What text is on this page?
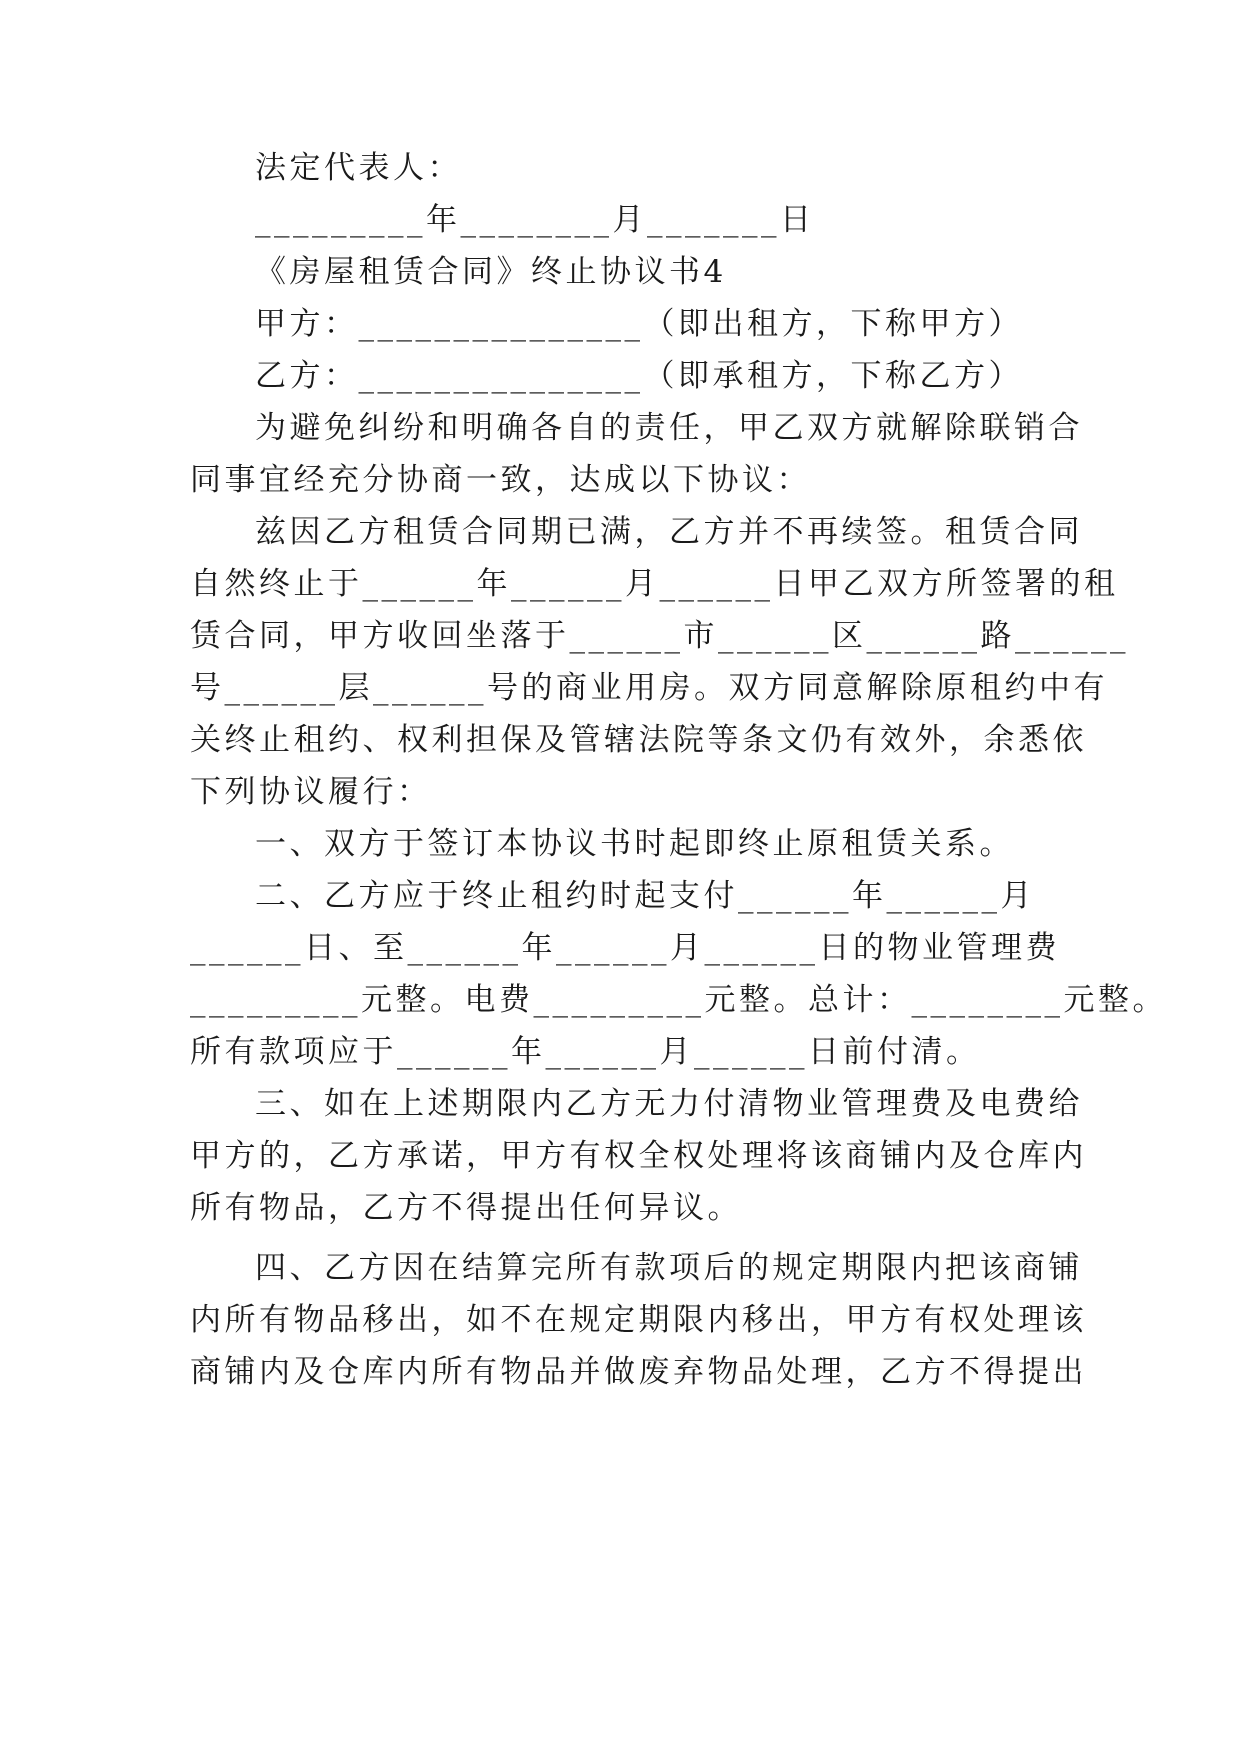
法定代表人：
_________年________月_______日
《房屋租赁合同》终止协议书4
甲方：_______________（即出租方，下称甲方）
乙方：_______________（即承租方，下称乙方）
为避免纠纷和明确各自的责任，甲乙双方就解除联销合
同事宜经充分协商一致，达成以下协议：
兹因乙方租赁合同期已满，乙方并不再续签。租赁合同
自然终止于______年______月______日甲乙双方所签署的租
赁合同，甲方收回坐落于______市______区______路______
号______层______号的商业用房。双方同意解除原租约中有
关终止租约、权利担保及管辖法院等条文仍有效外，余悉依
下列协议履行：
一、双方于签订本协议书时起即终止原租赁关系。
二、乙方应于终止租约时起支付______年______月
______日、至______年______月______日的物业管理费
_________元整。电费_________元整。总计：________元整。
所有款项应于______年______月______日前付清。
三、如在上述期限内乙方无力付清物业管理费及电费给
甲方的，乙方承诺，甲方有权全权处理将该商铺内及仓库内
所有物品，乙方不得提出任何异议。
四、乙方因在结算完所有款项后的规定期限内把该商铺
内所有物品移出，如不在规定期限内移出，甲方有权处理该
商铺内及仓库内所有物品并做废弃物品处理，乙方不得提出
